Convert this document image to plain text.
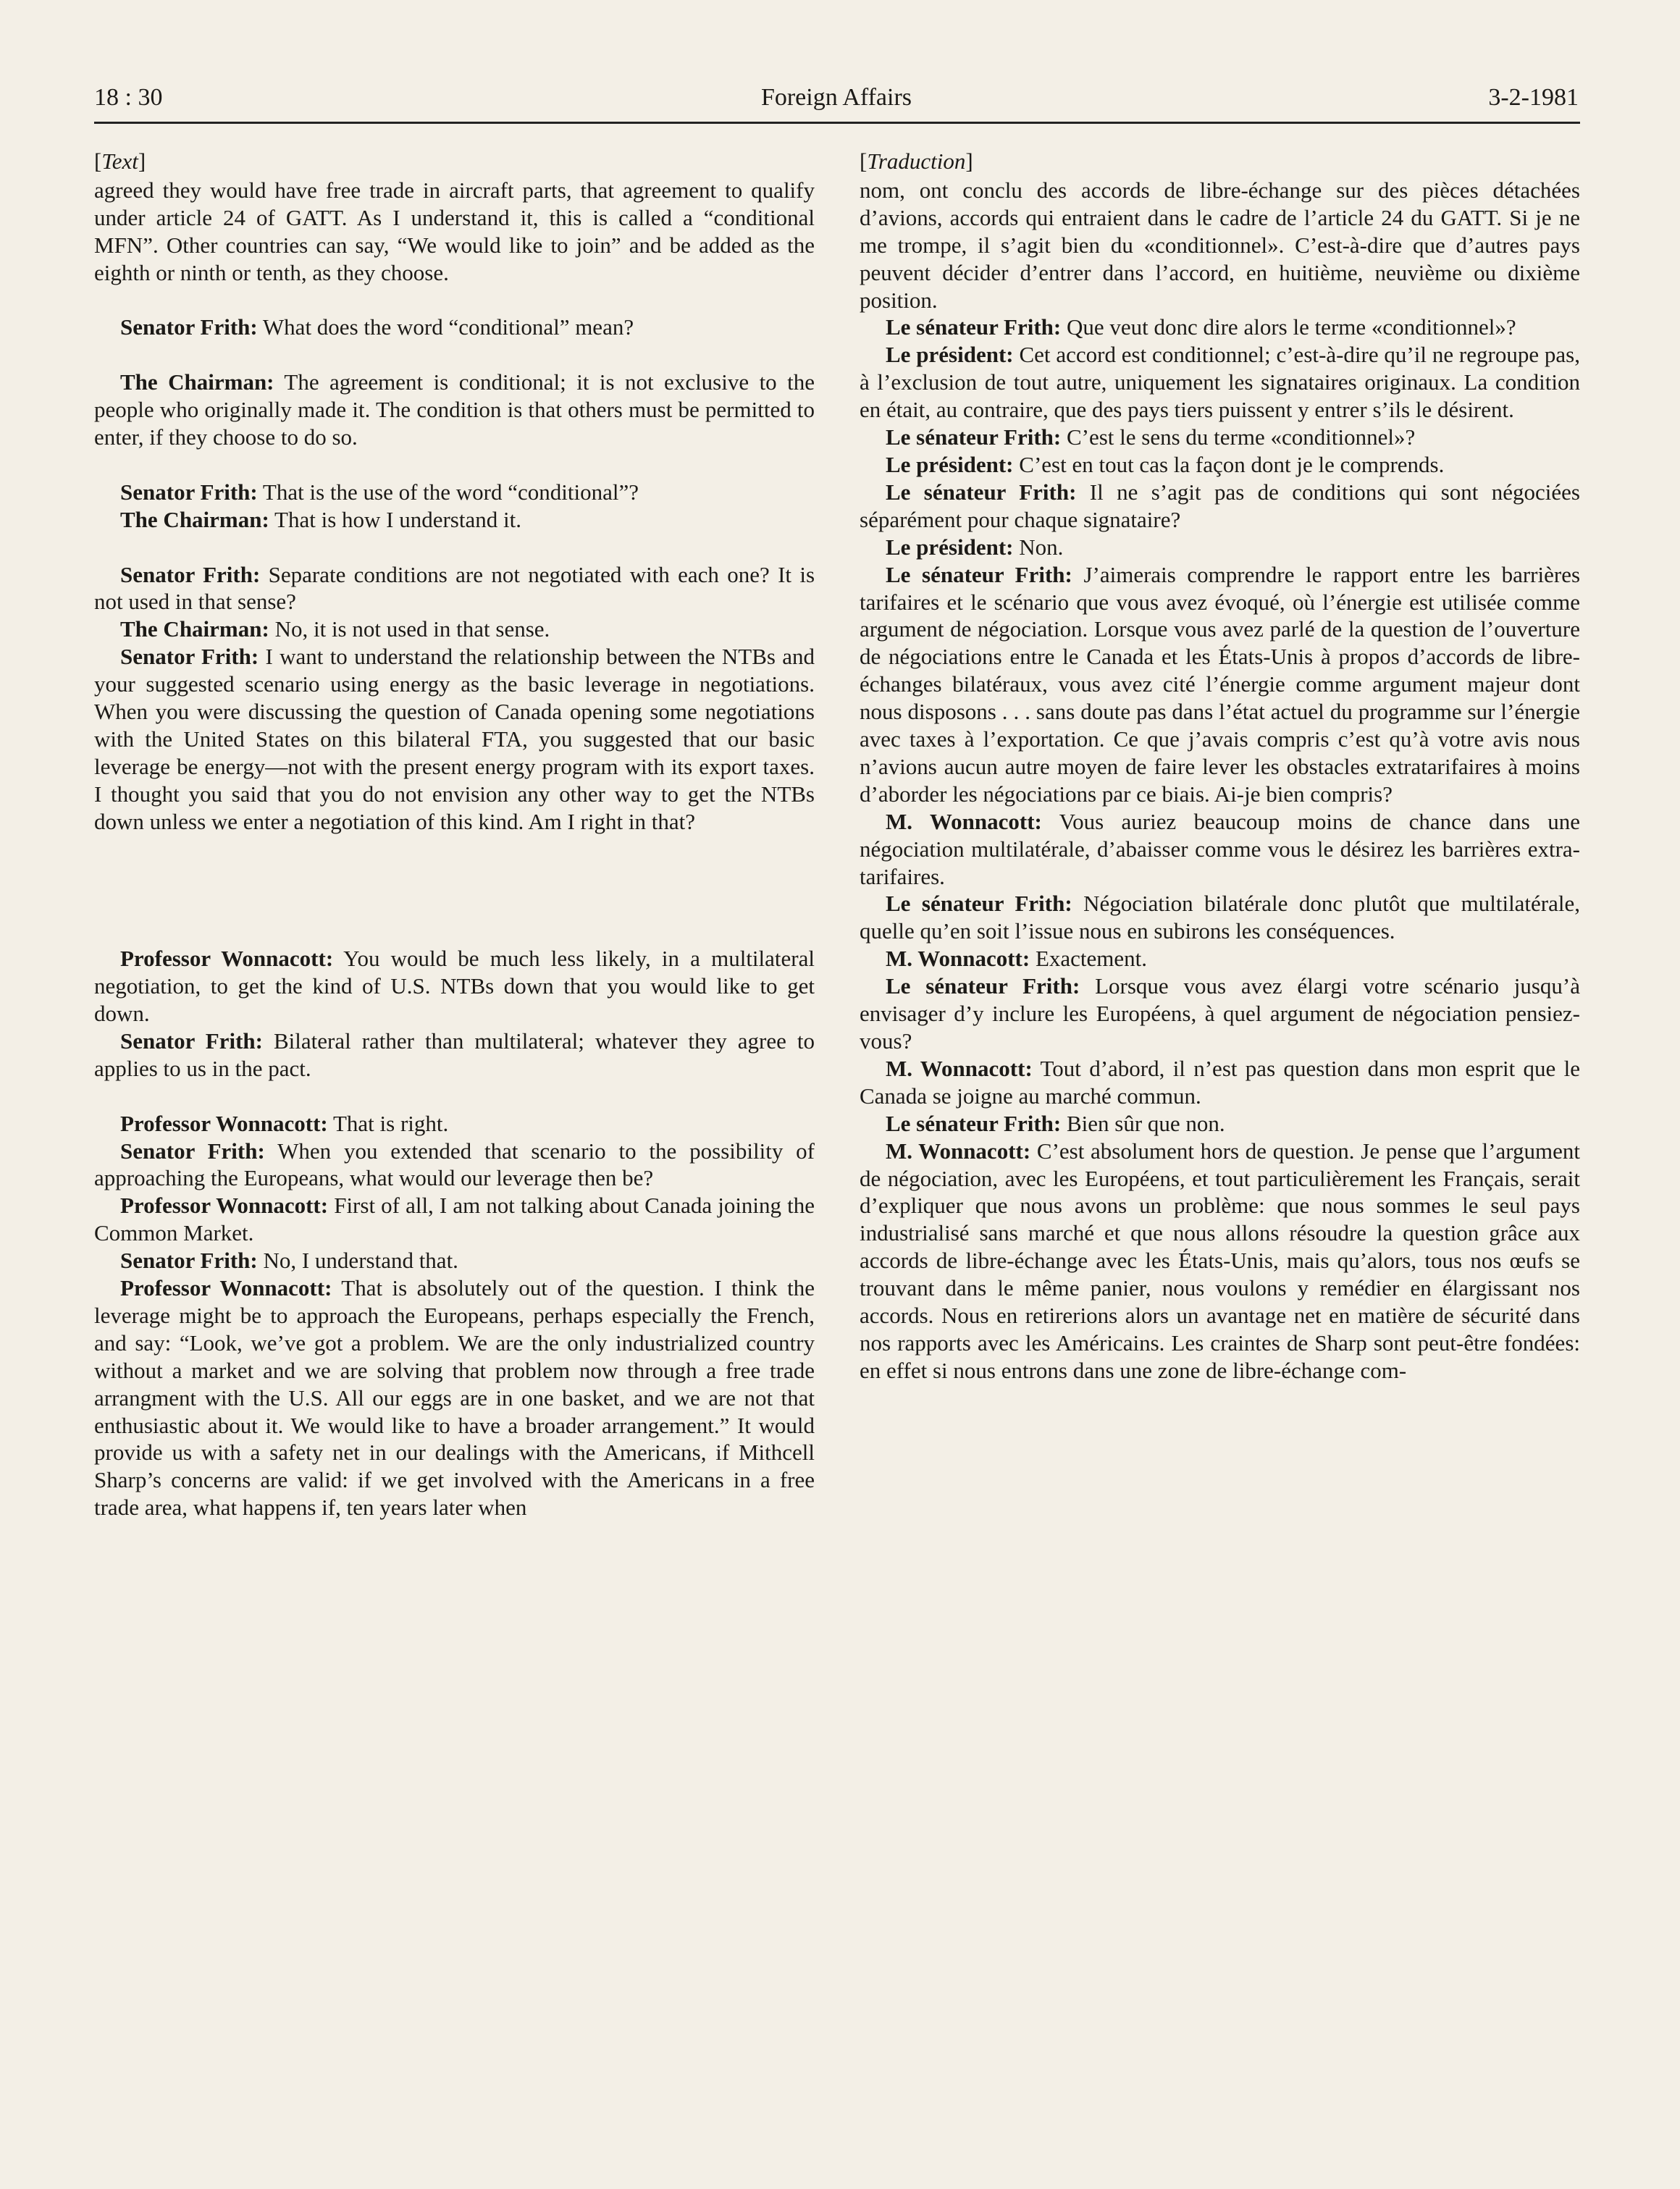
18 : 30	Foreign Affairs	3-2-1981
[Text]

agreed they would have free trade in aircraft parts, that agreement to qualify under article 24 of GATT. As I understand it, this is called a “conditional MFN”. Other countries can say, “We would like to join” and be added as the eighth or ninth or tenth, as they choose.

Senator Frith: What does the word “conditional” mean?

The Chairman: The agreement is conditional; it is not exclusive to the people who originally made it. The condition is that others must be permitted to enter, if they choose to do so.

Senator Frith: That is the use of the word “conditional”?

The Chairman: That is how I understand it.

Senator Frith: Separate conditions are not negotiated with each one? It is not used in that sense?

The Chairman: No, it is not used in that sense.

Senator Frith: I want to understand the relationship between the NTBs and your suggested scenario using energy as the basic leverage in negotiations. When you were discussing the question of Canada opening some negotiations with the United States on this bilateral FTA, you suggested that our basic leverage be energy—not with the present energy program with its export taxes. I thought you said that you do not envision any other way to get the NTBs down unless we enter a negotiation of this kind. Am I right in that?

Professor Wonnacott: You would be much less likely, in a multilateral negotiation, to get the kind of U.S. NTBs down that you would like to get down.

Senator Frith: Bilateral rather than multilateral; whatever they agree to applies to us in the pact.

Professor Wonnacott: That is right.

Senator Frith: When you extended that scenario to the possibility of approaching the Europeans, what would our leverage then be?

Professor Wonnacott: First of all, I am not talking about Canada joining the Common Market.

Senator Frith: No, I understand that.

Professor Wonnacott: That is absolutely out of the question. I think the leverage might be to approach the Europeans, perhaps especially the French, and say: “Look, we’ve got a problem. We are the only industrialized country without a market and we are solving that problem now through a free trade arrangment with the U.S. All our eggs are in one basket, and we are not that enthusiastic about it. We would like to have a broader arrangement.” It would provide us with a safety net in our dealings with the Americans, if Mithcell Sharp’s concerns are valid: if we get involved with the Americans in a free trade area, what happens if, ten years later when

[Traduction]

nom, ont conclu des accords de libre-échange sur des pièces détachées d’avions, accords qui entraient dans le cadre de l’article 24 du GATT. Si je ne me trompe, il s’agit bien du «conditionnel». C’est-à-dire que d’autres pays peuvent décider d’entrer dans l’accord, en huitième, neuvième ou dixième position.

Le sénateur Frith: Que veut donc dire alors le terme «conditionnel»?

Le président: Cet accord est conditionnel; c’est-à-dire qu’il ne regroupe pas, à l’exclusion de tout autre, uniquement les signataires originaux. La condition en était, au contraire, que des pays tiers puissent y entrer s’ils le désirent.

Le sénateur Frith: C’est le sens du terme «conditionnel»?

Le président: C’est en tout cas la façon dont je le comprends.

Le sénateur Frith: Il ne s’agit pas de conditions qui sont négociées séparément pour chaque signataire?

Le président: Non.

Le sénateur Frith: J’aimerais comprendre le rapport entre les barrières tarifaires et le scénario que vous avez évoqué, où l’énergie est utilisée comme argument de négociation. Lorsque vous avez parlé de la question de l’ouverture de négociations entre le Canada et les États-Unis à propos d’accords de libre-échanges bilatéraux, vous avez cité l’énergie comme argument majeur dont nous disposons . . . sans doute pas dans l’état actuel du programme sur l’énergie avec taxes à l’exportation. Ce que j’avais compris c’est qu’à votre avis nous n’avions aucun autre moyen de faire lever les obstacles extratarifaires à moins d’aborder les négociations par ce biais. Ai-je bien compris?

M. Wonnacott: Vous auriez beaucoup moins de chance dans une négociation multilatérale, d’abaisser comme vous le désirez les barrières extra-tarifaires.

Le sénateur Frith: Négociation bilatérale donc plutôt que multilatérale, quelle qu’en soit l’issue nous en subirons les conséquences.

M. Wonnacott: Exactement.

Le sénateur Frith: Lorsque vous avez élargi votre scénario jusqu’à envisager d’y inclure les Européens, à quel argument de négociation pensiez-vous?

M. Wonnacott: Tout d’abord, il n’est pas question dans mon esprit que le Canada se joigne au marché commun.

Le sénateur Frith: Bien sûr que non.

M. Wonnacott: C’est absolument hors de question. Je pense que l’argument de négociation, avec les Européens, et tout particulièrement les Français, serait d’expliquer que nous avons un problème: que nous sommes le seul pays industrialisé sans marché et que nous allons résoudre la question grâce aux accords de libre-échange avec les États-Unis, mais qu’alors, tous nos œufs se trouvant dans le même panier, nous voulons y remédier en élargissant nos accords. Nous en retirerions alors un avantage net en matière de sécurité dans nos rapports avec les Américains. Les craintes de Sharp sont peut-être fondées: en effet si nous entrons dans une zone de libre-échange com-
